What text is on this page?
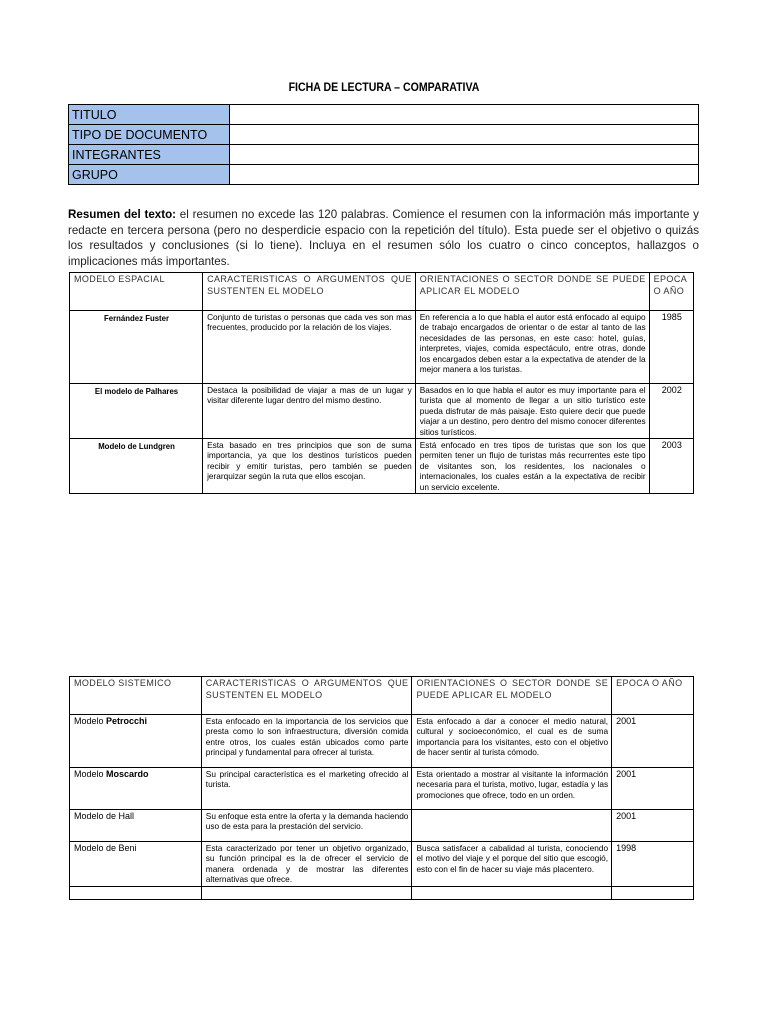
FICHA DE LECTURA – COMPARATIVA
TITULO	
TIPO DE DOCUMENTO	
INTEGRANTES	
GRUPO	
Resumen del texto: el resumen no excede las 120 palabras. Comience el resumen con la información más importante y redacte en tercera persona (pero no desperdicie espacio con la repetición del título). Esta puede ser el objetivo o quizás los resultados y conclusiones (si lo tiene). Incluya en el resumen sólo los cuatro o cinco conceptos, hallazgos o implicaciones más importantes.
MODELO ESPACIAL	CARACTERISTICAS O ARGUMENTOS QUE SUSTENTEN EL MODELO	ORIENTACIONES O SECTOR DONDE SE PUEDE APLICAR EL MODELO	EPOCA O AÑO
Fernández Fuster	Conjunto de turistas o personas que cada ves son mas frecuentes, producido por la relación de los viajes.	En referencia a lo que habla el autor está enfocado al equipo de trabajo encargados de orientar o de estar al tanto de las necesidades de las personas, en este caso: hotel, guías, interpretes, viajes, comida espectáculo, entre otras, donde los encargados deben estar a la expectativa de atender de la mejor manera a los turistas.	1985
El modelo de Palhares	Destaca la posibilidad de viajar a mas de un lugar y visitar diferente lugar dentro del mismo destino.	Basados en lo que habla el autor es muy importante para el turista que al momento de llegar a un sitio turístico este pueda disfrutar de más paisaje. Esto quiere decir que puede viajar a un destino, pero dentro del mismo conocer diferentes sitios turísticos.	2002
Modelo de Lundgren	Esta basado en tres principios que son de suma importancia, ya que los destinos turísticos pueden recibir y emitir turistas, pero también se pueden jerarquizar según la ruta que ellos escojan.	Está enfocado en tres tipos de turistas que son los que permiten tener un flujo de turistas más recurrentes este tipo de visitantes son, los residentes, los nacionales o internacionales, los cuales están a la expectativa de recibir un servicio excelente.	2003
MODELO SISTEMICO	CARACTERISTICAS O ARGUMENTOS QUE SUSTENTEN EL MODELO	ORIENTACIONES O SECTOR DONDE SE PUEDE APLICAR EL MODELO	EPOCA O AÑO
Modelo Petrocchi	Esta enfocado en la importancia de los servicios que presta como lo son infraestructura, diversión comida entre otros, los cuales están ubicados como parte principal y fundamental para ofrecer al turista.	Esta enfocado a dar a conocer el medio natural, cultural y socioeconómico, el cual es de suma importancia para los visitantes, esto con el objetivo de hacer sentir al turista cómodo.	2001
Modelo Moscardo	Su principal característica es el marketing ofrecido al turista.	Esta orientado a mostrar al visitante la información necesaria para el turista, motivo, lugar, estadía y las promociones que ofrece, todo en un orden.	2001
Modelo de Hall	Su enfoque esta entre la oferta y la demanda haciendo uso de esta para la prestación del servicio.		2001
Modelo de Beni	Esta caracterizado por tener un objetivo organizado, su función principal es la de ofrecer el servicio de manera ordenada y de mostrar las diferentes alternativas que ofrece.	Busca satisfacer a cabalidad al turista, conociendo el motivo del viaje y el porque del sitio que escogió, esto con el fin de hacer su viaje más placentero.	1998
